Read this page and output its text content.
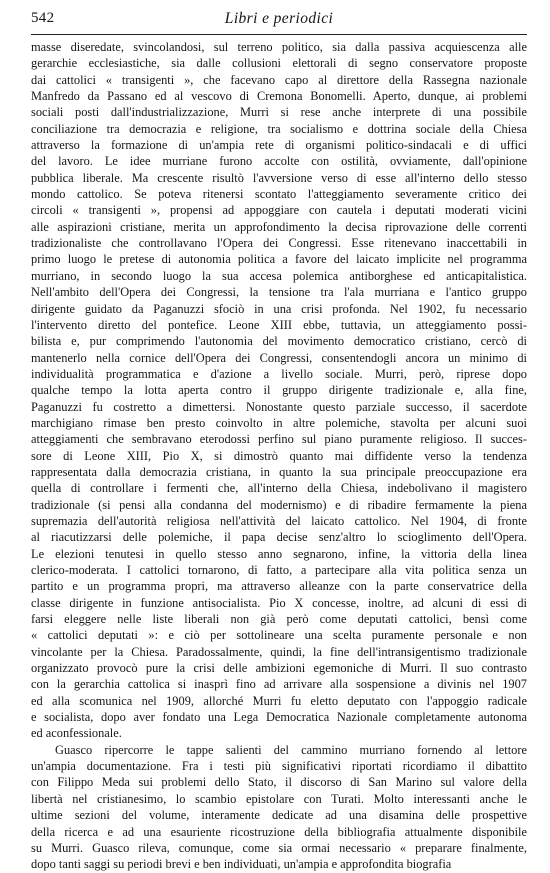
542	Libri e periodici
masse diseredate, svincolandosi, sul terreno politico, sia dalla passiva acquiescenza alle
gerarchie ecclesiastiche, sia dalle collusioni elettorali di segno conservatore proposte
dai cattolici « transigenti », che facevano capo al direttore della Rassegna nazionale
Manfredo da Passano ed al vescovo di Cremona Bonomelli. Aperto, dunque, ai problemi
sociali posti dall'industrializzazione, Murri si rese anche interprete di una possibile
conciliazione tra democrazia e religione, tra socialismo e dottrina sociale della Chiesa
attraverso la formazione di un'ampia rete di organismi politico-sindacali e di uffici
del lavoro. Le idee murriane furono accolte con ostilità, ovviamente, dall'opinione
pubblica liberale. Ma crescente risultò l'avversione verso di esse all'interno dello stesso
mondo cattolico. Se poteva ritenersi scontato l'atteggiamento severamente critico dei
circoli « transigenti », propensi ad appoggiare con cautela i deputati moderati vicini
alle aspirazioni cristiane, merita un approfondimento la decisa riprovazione delle correnti
tradizionaliste che controllavano l'Opera dei Congressi. Esse ritenevano inaccettabili in
primo luogo le pretese di autonomia politica a favore del laicato implicite nel programma
murriano, in secondo luogo la sua accesa polemica antiborghese ed anticapitalistica.
Nell'ambito dell'Opera dei Congressi, la tensione tra l'ala murriana e l'antico gruppo
dirigente guidato da Paganuzzi sfociò in una crisi profonda. Nel 1902, fu necessario
l'intervento diretto del pontefice. Leone XIII ebbe, tuttavia, un atteggiamento possi-
bilista e, pur comprimendo l'autonomia del movimento democratico cristiano, cercò di
mantenerlo nella cornice dell'Opera dei Congressi, consentendogli ancora un minimo di
individualità programmatica e d'azione a livello sociale. Murri, però, riprese dopo
qualche tempo la lotta aperta contro il gruppo dirigente tradizionale e, alla fine,
Paganuzzi fu costretto a dimettersi. Nonostante questo parziale successo, il sacerdote
marchigiano rimase ben presto coinvolto in altre polemiche, stavolta per alcuni suoi
atteggiamenti che sembravano eterodossi perfino sul piano puramente religioso. Il succes-
sore di Leone XIII, Pio X, si dimostrò quanto mai diffidente verso la tendenza
rappresentata dalla democrazia cristiana, in quanto la sua principale preoccupazione era
quella di controllare i fermenti che, all'interno della Chiesa, indebolivano il magistero
tradizionale (si pensi alla condanna del modernismo) e di ribadire fermamente la piena
supremazia dell'autorità religiosa nell'attività del laicato cattolico. Nel 1904, di fronte
al riacutizzarsi delle polemiche, il papa decise senz'altro lo scioglimento dell'Opera.
Le elezioni tenutesi in quello stesso anno segnarono, infine, la vittoria della linea
clerico-moderata. I cattolici tornarono, di fatto, a partecipare alla vita politica senza un
partito e un programma propri, ma attraverso alleanze con la parte conservatrice della
classe dirigente in funzione antisocialista. Pio X concesse, inoltre, ad alcuni di essi di
farsi eleggere nelle liste liberali non già però come deputati cattolici, bensì come
« cattolici deputati »: e ciò per sottolineare una scelta puramente personale e non
vincolante per la Chiesa. Paradossalmente, quindi, la fine dell'intransigentismo tradizionale
organizzato provocò pure la crisi delle ambizioni egemoniche di Murri. Il suo contrasto
con la gerarchia cattolica si inasprì fino ad arrivare alla sospensione a divinis nel 1907
ed alla scomunica nel 1909, allorché Murri fu eletto deputato con l'appoggio radicale
e socialista, dopo aver fondato una Lega Democratica Nazionale completamente autonoma
ed aconfessionale.
Guasco ripercorre le tappe salienti del cammino murriano fornendo al lettore
un'ampia documentazione. Fra i testi più significativi riportati ricordiamo il dibattito
con Filippo Meda sui problemi dello Stato, il discorso di San Marino sul valore della
libertà nel cristianesimo, lo scambio epistolare con Turati. Molto interessanti anche le
ultime sezioni del volume, interamente dedicate ad una disamina delle prospettive
della ricerca e ad una esauriente ricostruzione della bibliografia attualmente disponibile
su Murri. Guasco rileva, comunque, come sia ormai necessario « preparare finalmente,
dopo tanti saggi su periodi brevi e ben individuati, un'ampia e approfondita biografia
